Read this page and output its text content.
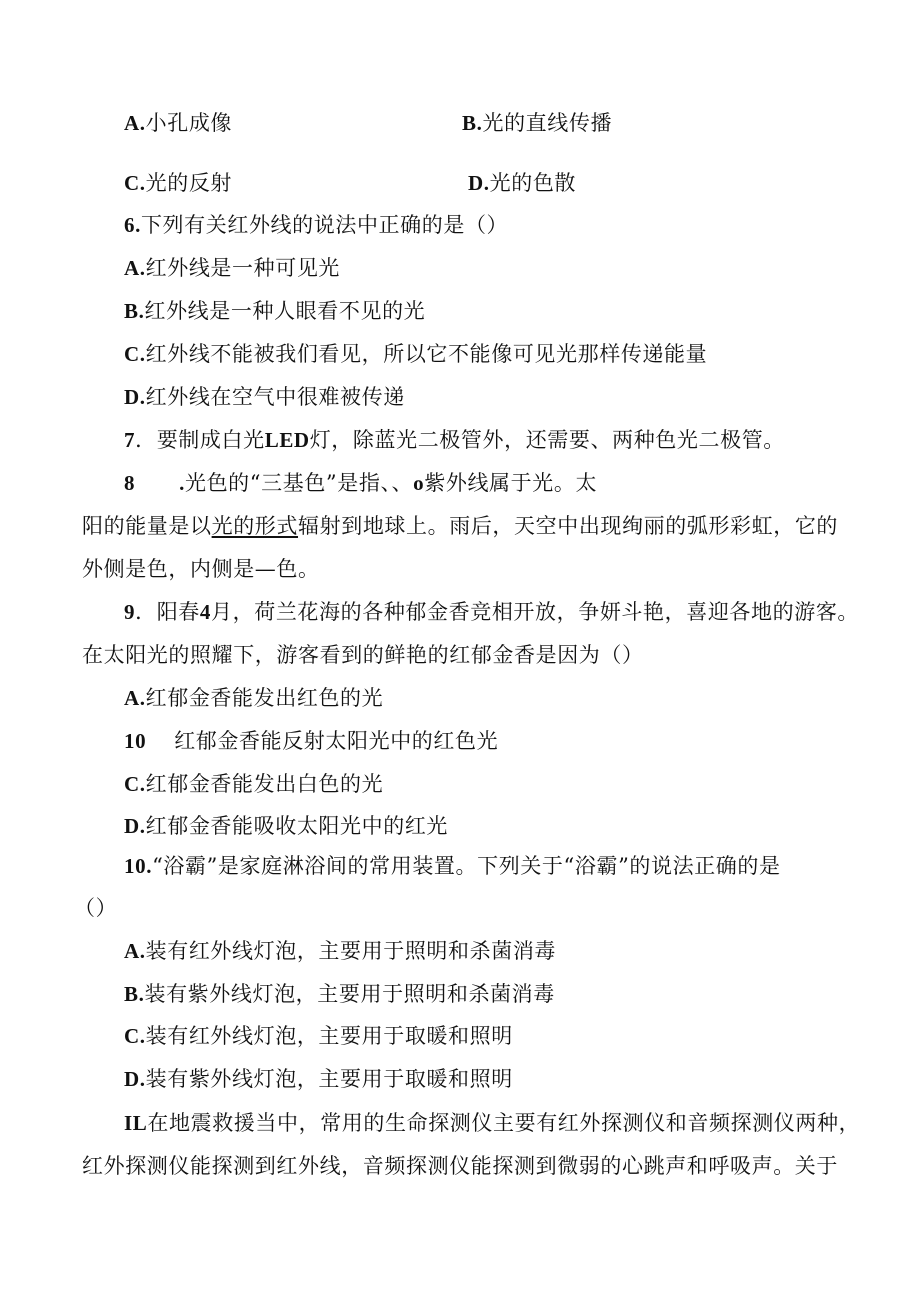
A.小孔成像	B.光的直线传播
C.光的反射	D.光的色散
6.下列有关红外线的说法中正确的是（）
A.红外线是一种可见光
B.红外线是一种人眼看不见的光
C.红外线不能被我们看见，所以它不能像可见光那样传递能量
D.红外线在空气中很难被传递
7．要制成白光LED灯，除蓝光二极管外，还需要、两种色光二极管。
8 .光色的“三基色”是指、、o紫外线属于光。太
阳的能量是以光的形式辐射到地球上。雨后，天空中出现绚丽的弧形彩虹，它的
外侧是色，内侧是—色。
9．阳春4月，荷兰花海的各种郁金香竞相开放，争妍斗艳，喜迎各地的游客。
在太阳光的照耀下，游客看到的鲜艳的红郁金香是因为（）
A.红郁金香能发出红色的光
10 红郁金香能反射太阳光中的红色光
C.红郁金香能发出白色的光
D.红郁金香能吸收太阳光中的红光
10.“浴霸”是家庭淋浴间的常用装置。下列关于“浴霸”的说法正确的是
（）
A.装有红外线灯泡，主要用于照明和杀菌消毒
B.装有紫外线灯泡，主要用于照明和杀菌消毒
C.装有红外线灯泡，主要用于取暖和照明
D.装有紫外线灯泡，主要用于取暖和照明
IL在地震救援当中，常用的生命探测仪主要有红外探测仪和音频探测仪两种，
红外探测仪能探测到红外线，音频探测仪能探测到微弱的心跳声和呼吸声。关于
